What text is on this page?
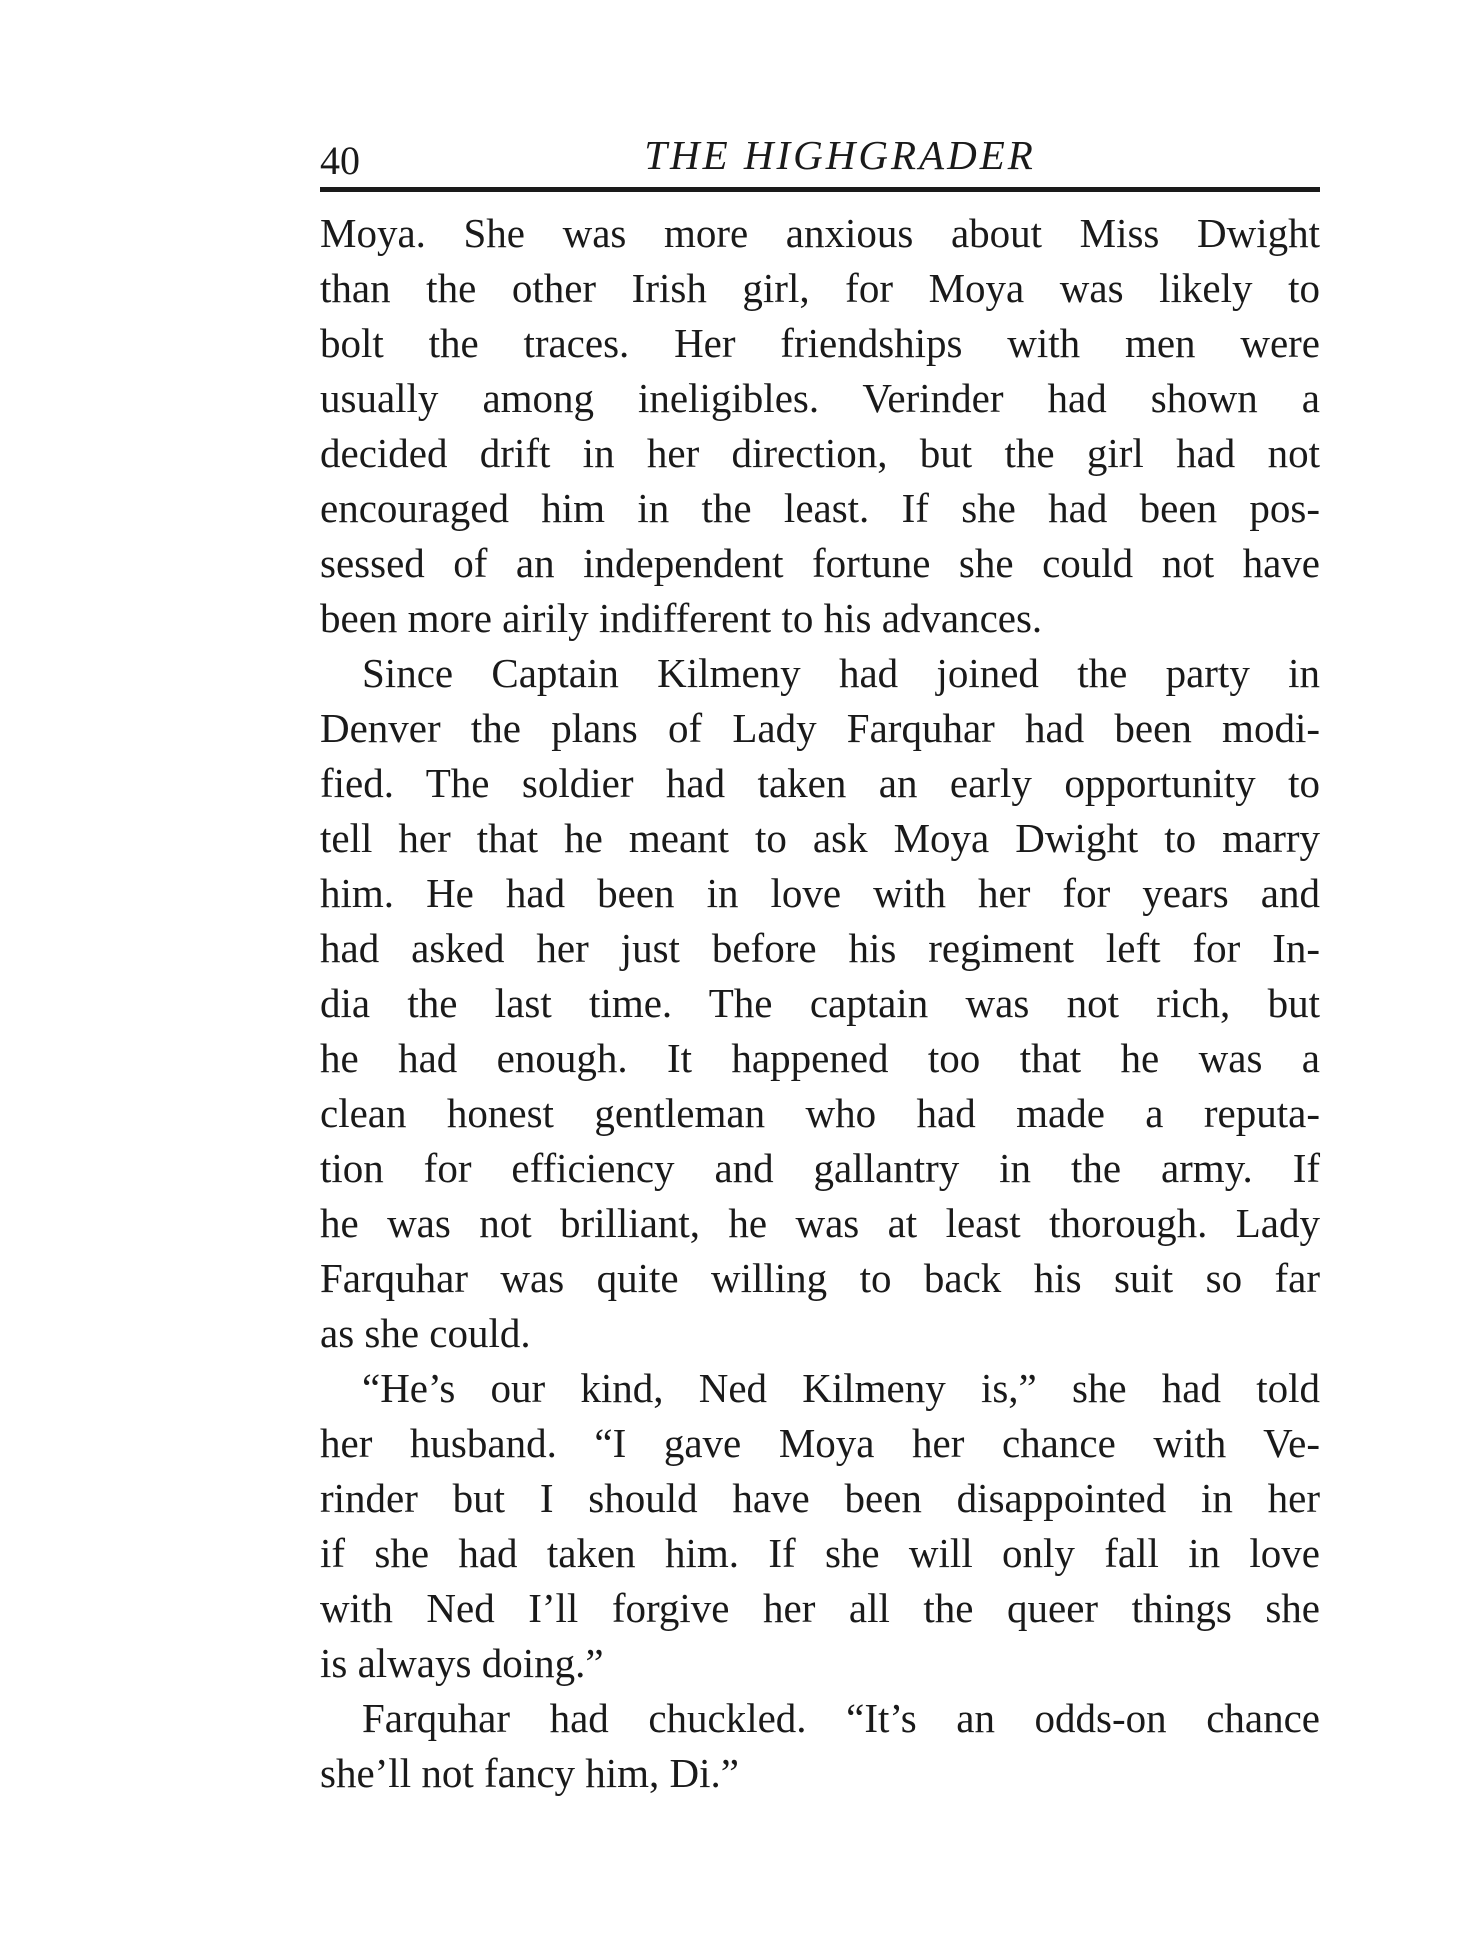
40	THE HIGHGRADER
Moya. She was more anxious about Miss Dwight
than the other Irish girl, for Moya was likely to
bolt the traces. Her friendships with men were
usually among ineligibles. Verinder had shown a
decided drift in her direction, but the girl had not
encouraged him in the least. If she had been pos-
sessed of an independent fortune she could not have
been more airily indifferent to his advances.
Since Captain Kilmeny had joined the party in
Denver the plans of Lady Farquhar had been modi-
fied. The soldier had taken an early opportunity to
tell her that he meant to ask Moya Dwight to marry
him. He had been in love with her for years and
had asked her just before his regiment left for In-
dia the last time. The captain was not rich, but
he had enough. It happened too that he was a
clean honest gentleman who had made a reputa-
tion for efficiency and gallantry in the army. If
he was not brilliant, he was at least thorough. Lady
Farquhar was quite willing to back his suit so far
as she could.
“He’s our kind, Ned Kilmeny is,” she had told
her husband. “I gave Moya her chance with Ve-
rinder but I should have been disappointed in her
if she had taken him. If she will only fall in love
with Ned I’ll forgive her all the queer things she
is always doing.”
Farquhar had chuckled. “It’s an odds-on chance
she’ll not fancy him, Di.”
